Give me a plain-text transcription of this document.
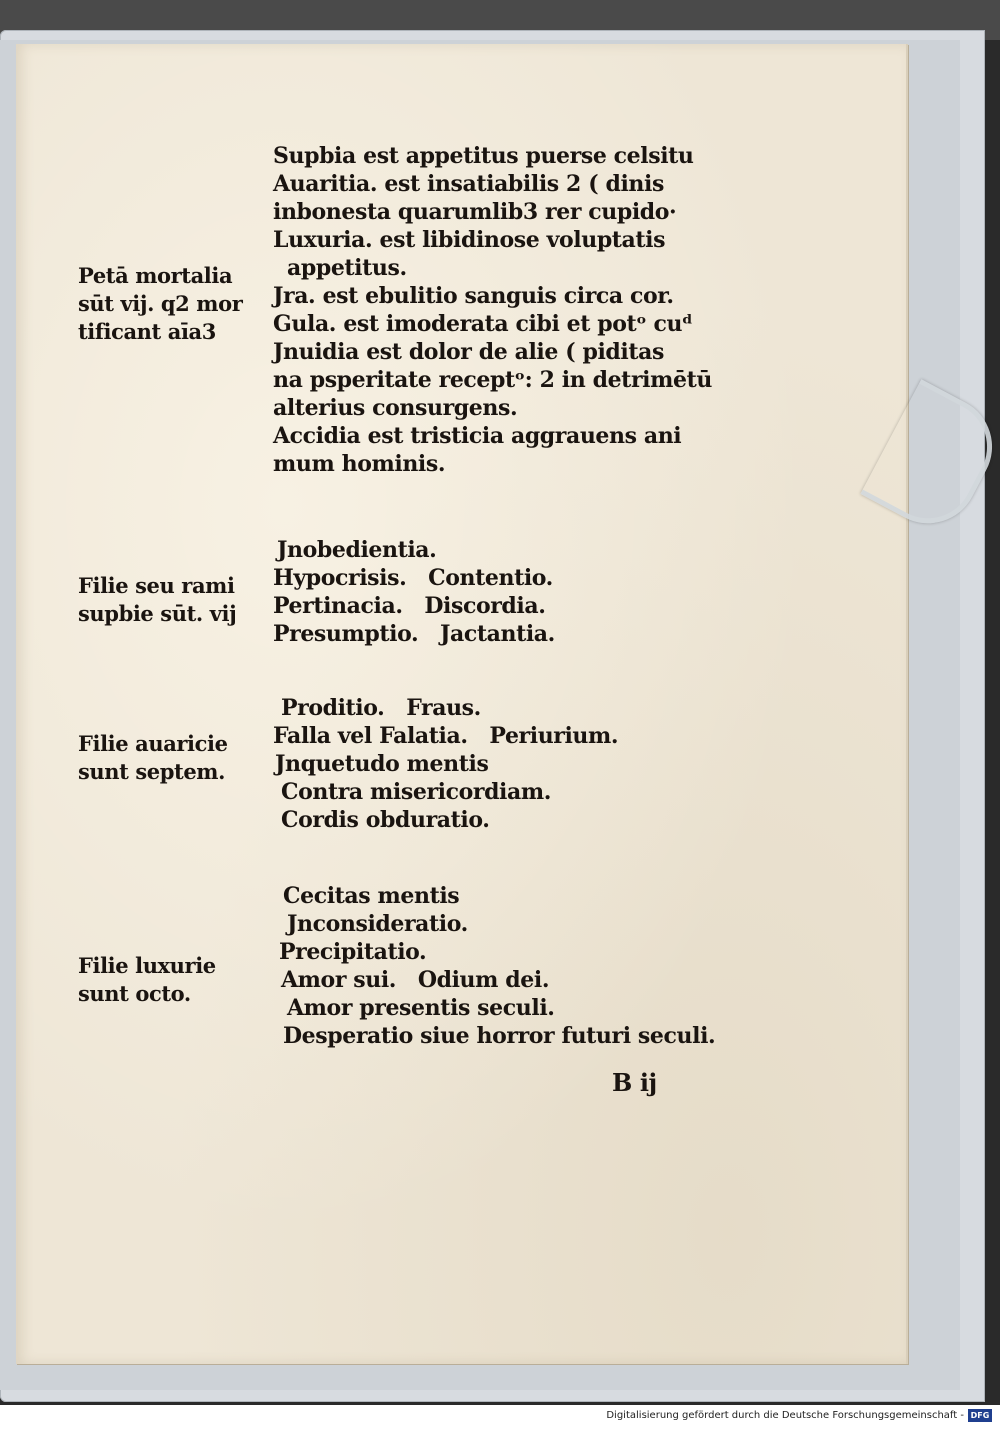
Petā mortalia
sūt vij. q2 mor
tificant aīa3
Supbia est appetitus puerse celsitu
Auaritia. est insatiabilis 2 ( dinis
inbonesta quarumlib3 rer cupido·
Luxuria. est libidinose voluptatis
appetitus.
Jra. est ebulitio sanguis circa cor.
Gula. est imoderata cibi et potᵒ cuᵈ
Jnuidia est dolor de alie ( piditas
na psperitate receptᵒ: 2 in detrimētū
alterius consurgens.
Accidia est tristicia aggrauens ani
mum hominis.
Filie seu rami
supbie sūt. vij
Jnobedientia.
Hypocrisis.   Contentio.
Pertinacia.   Discordia.
Presumptio.   Jactantia.
Filie auaricie
sunt septem.
Proditio.   Fraus.
Falla vel Falatia.   Periurium.
Jnquetudo mentis
Contra misericordiam.
Cordis obduratio.
Filie luxurie
sunt octo.
Cecitas mentis
Jnconsideratio.
Precipitatio.
Amor sui.   Odium dei.
Amor presentis seculi.
Desperatio siue horror futuri seculi.
B ij
Digitalisierung gefördert durch die Deutsche Forschungsgemeinschaft - DFG
